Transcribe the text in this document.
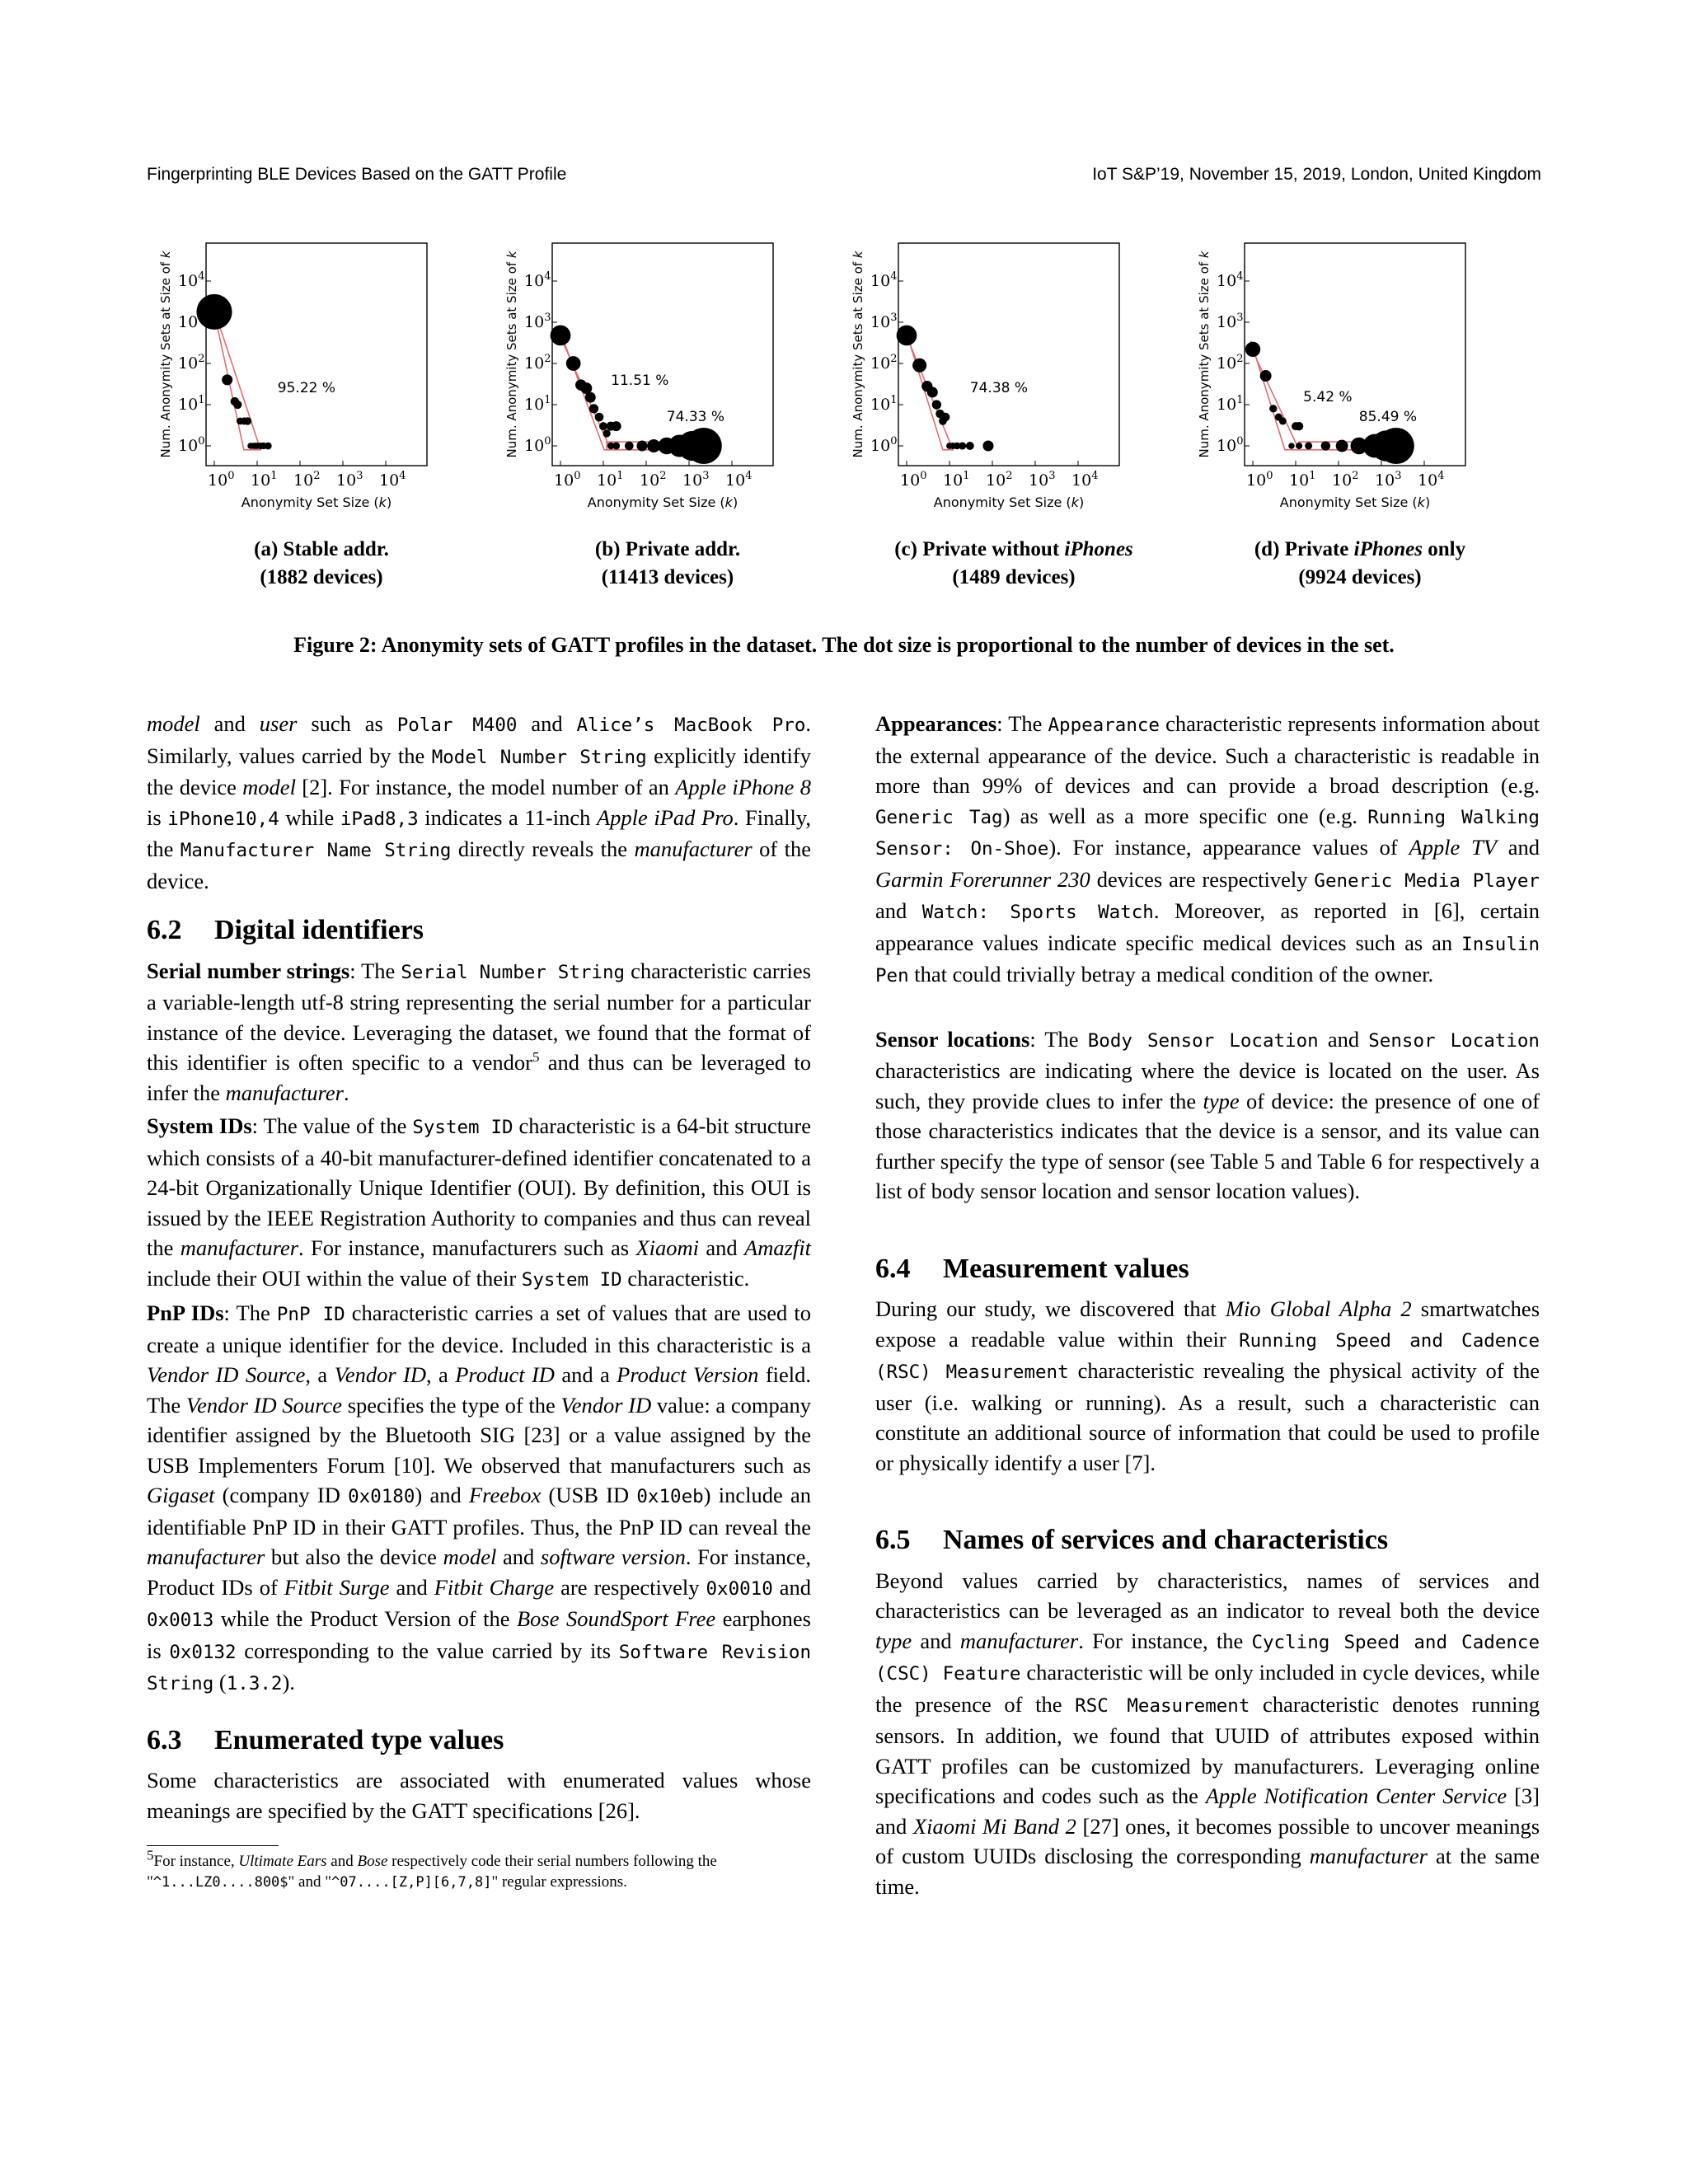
Fingerprinting BLE Devices Based on the GATT Profile	IoT S&P’19, November 15, 2019, London, United Kingdom
$10^0$
$10^0$
$10^1$
$10^1$
$10^2$
$10^2$
$10^3$
10
$10^4$
$10^4$
Anonymity Set Size (k)
Num. Anonymity Sets at Size of k
95.22 %
$10^0$
$10^0$
$10^1$
$10^1$
$10^2$
$10^2$
$10^3$
$10^3$
$10^4$
$10^4$
Anonymity Set Size (k)
Num. Anonymity Sets at Size of k
11.51 %
74.33 %
$10^0$
$10^0$
$10^1$
$10^1$
$10^2$
$10^2$
$10^3$
$10^3$
$10^4$
$10^4$
Anonymity Set Size (k)
Num. Anonymity Sets at Size of k
74.38 %
$10^0$
$10^0$
$10^1$
$10^1$
$10^2$
$10^2$
$10^3$
$10^3$
$10^4$
$10^4$
Anonymity Set Size (k)
Num. Anonymity Sets at Size of k
5.42 %
85.49 %
(a) Stable addr.
(1882 devices)
(b) Private addr.
(11413 devices)
(c) Private without iPhones
(1489 devices)
(d) Private iPhones only
(9924 devices)
Figure 2: Anonymity sets of GATT profiles in the dataset. The dot size is proportional to the number of devices in the set.

model and user such as Polar M400 and Alice’s MacBook Pro. Similarly, values carried by the Model Number String explicitly identify the device model [2]. For instance, the model number of an Apple iPhone 8 is iPhone10,4 while iPad8,3 indicates a 11-inch Apple iPad Pro. Finally, the Manufacturer Name String directly reveals the manufacturer of the device.

6.2 Digital identifiers

Serial number strings: The Serial Number String characteristic carries a variable-length utf-8 string representing the serial number for a particular instance of the device. Leveraging the dataset, we found that the format of this identifier is often specific to a vendor$^5$ and thus can be leveraged to infer the manufacturer.

System IDs: The value of the System ID characteristic is a 64-bit structure which consists of a 40-bit manufacturer-defined identifier concatenated to a 24-bit Organizationally Unique Identifier (OUI). By definition, this OUI is issued by the IEEE Registration Authority to companies and thus can reveal the manufacturer. For instance, manufacturers such as Xiaomi and Amazfit include their OUI within the value of their System ID characteristic.

PnP IDs: The PnP ID characteristic carries a set of values that are used to create a unique identifier for the device. Included in this characteristic is a Vendor ID Source, a Vendor ID, a Product ID and a Product Version field. The Vendor ID Source specifies the type of the Vendor ID value: a company identifier assigned by the Bluetooth SIG [23] or a value assigned by the USB Implementers Forum [10]. We observed that manufacturers such as Gigaset (company ID 0x0180) and Freebox (USB ID 0x10eb) include an identifiable PnP ID in their GATT profiles. Thus, the PnP ID can reveal the manufacturer but also the device model and software version. For instance, Product IDs of Fitbit Surge and Fitbit Charge are respectively 0x0010 and 0x0013 while the Product Version of the Bose SoundSport Free earphones is 0x0132 corresponding to the value carried by its Software Revision String (1.3.2).

6.3 Enumerated type values

Some characteristics are associated with enumerated values whose meanings are specified by the GATT specifications [26].

$^5$For instance, Ultimate Ears and Bose respectively code their serial numbers following the "^1...LZ0....800$" and "^07....[Z,P][6,7,8]" regular expressions.

Appearances: The Appearance characteristic represents information about the external appearance of the device. Such a characteristic is readable in more than 99% of devices and can provide a broad description (e.g. Generic Tag) as well as a more specific one (e.g. Running Walking Sensor: On-Shoe). For instance, appearance values of Apple TV and Garmin Forerunner 230 devices are respectively Generic Media Player and Watch: Sports Watch. Moreover, as reported in [6], certain appearance values indicate specific medical devices such as an Insulin Pen that could trivially betray a medical condition of the owner.

Sensor locations: The Body Sensor Location and Sensor Location characteristics are indicating where the device is located on the user. As such, they provide clues to infer the type of device: the presence of one of those characteristics indicates that the device is a sensor, and its value can further specify the type of sensor (see Table 5 and Table 6 for respectively a list of body sensor location and sensor location values).

6.4 Measurement values

During our study, we discovered that Mio Global Alpha 2 smartwatches expose a readable value within their Running Speed and Cadence (RSC) Measurement characteristic revealing the physical activity of the user (i.e. walking or running). As a result, such a characteristic can constitute an additional source of information that could be used to profile or physically identify a user [7].

6.5 Names of services and characteristics

Beyond values carried by characteristics, names of services and characteristics can be leveraged as an indicator to reveal both the device type and manufacturer. For instance, the Cycling Speed and Cadence (CSC) Feature characteristic will be only included in cycle devices, while the presence of the RSC Measurement characteristic denotes running sensors. In addition, we found that UUID of attributes exposed within GATT profiles can be customized by manufacturers. Leveraging online specifications and codes such as the Apple Notification Center Service [3] and Xiaomi Mi Band 2 [27] ones, it becomes possible to uncover meanings of custom UUIDs disclosing the corresponding manufacturer at the same time.
